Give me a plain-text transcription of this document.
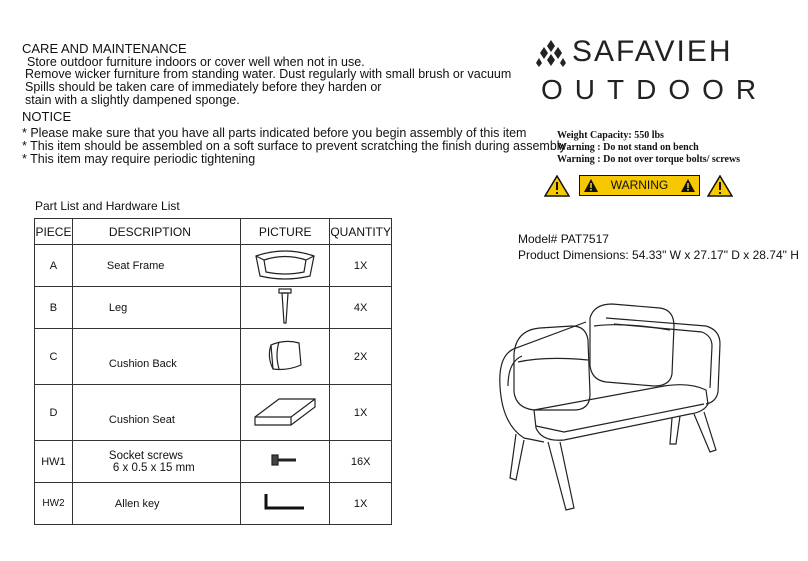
CARE AND MAINTENANCE
Store outdoor furniture indoors or cover well when not in use.
Remove wicker furniture from standing water. Dust regularly with small brush or vacuum
Spills should be taken care of immediately before they harden or
stain with a slightly dampened sponge.
NOTICE
* Please make sure that you have all parts indicated before you begin assembly of this item
* This item should be assembled on a soft surface to prevent scratching the finish during assembly
* This item may require periodic tightening
SAFAVIEH
OUTDOOR
Weight Capacity: 550 lbs
Warning : Do not stand on bench
Warning : Do not over torque bolts/ screws
WARNING
Part List and Hardware List
PIECE	DESCRIPTION	PICTURE	QUANTITY
A	Seat Frame		1X
B	Leg		4X
C	Cushion Back		2X
D	Cushion Seat		1X
HW1	Socket screws
6 x 0.5 x 15 mm		16X
HW2	Allen key		1X
Model# PAT7517
Product Dimensions: 54.33" W x 27.17" D x 28.74" H
